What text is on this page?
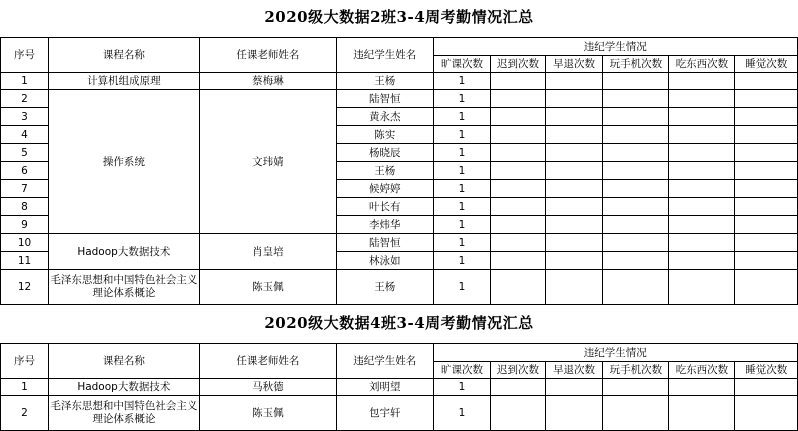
2020级大数据2班3-4周考勤情况汇总
序号	课程名称	任课老师姓名	违纪学生姓名	违纪学生情况					
				旷课次数	迟到次数	早退次数	玩手机次数	吃东西次数	睡觉次数
1	计算机组成原理	蔡梅琳	王杨	1					
2	操作系统	文玮婧	陆智恒	1					
3			黄永杰	1					
4			陈实	1					
5			杨晓辰	1					
6			王杨	1					
7			候婷婷	1					
8			叶长有	1					
9			李炜华	1					
10	Hadoop大数据技术	肖皇培	陆智恒	1					
11			林泳如	1					
12	毛泽东思想和中国特色社会主义理论体系概论	陈玉佩	王杨	1					
2020级大数据4班3-4周考勤情况汇总
序号	课程名称	任课老师姓名	违纪学生姓名	违纪学生情况					
				旷课次数	迟到次数	早退次数	玩手机次数	吃东西次数	睡觉次数
1	Hadoop大数据技术	马秋德	刘明望	1					
2	毛泽东思想和中国特色社会主义理论体系概论	陈玉佩	包宇轩	1					
